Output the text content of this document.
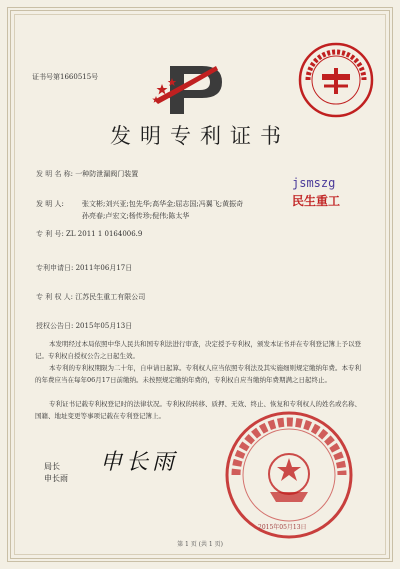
证书号第1660515号
发明专利证书
发 明 名 称: 一种防泄漏阀门装置
发 明 人:	张文彬;刘兴亚;包先华;高华金;屈志国;冯翼飞;黄振奇
孙亮春;卢宏文;杨传珍;倪伟;陈太华
专 利 号: ZL 2011 1 0164006.9
专利申请日: 2011年06月17日
专 利 权 人: 江苏民生重工有限公司
授权公告日: 2015年05月13日
本发明经过本局依照中华人民共和国专利法进行审查，决定授予专利权，颁发本证书并在专利登记簿上予以登记。专利权自授权公告之日起生效。
本专利的专利权期限为二十年，自申请日起算。专利权人应当依照专利法及其实施细则规定缴纳年费。本专利的年费应当在每年06月17日前缴纳。未按照规定缴纳年费的，专利权自应当缴纳年费期满之日起终止。
专利证书记载专利权登记时的法律状况。专利权的转移、质押、无效、终止、恢复和专利权人的姓名或名称、国籍、地址变更等事项记载在专利登记簿上。
jsmszg
民生重工
局长
申长雨
申长雨
2015年05月13日
第 1 页 (共 1 页)
